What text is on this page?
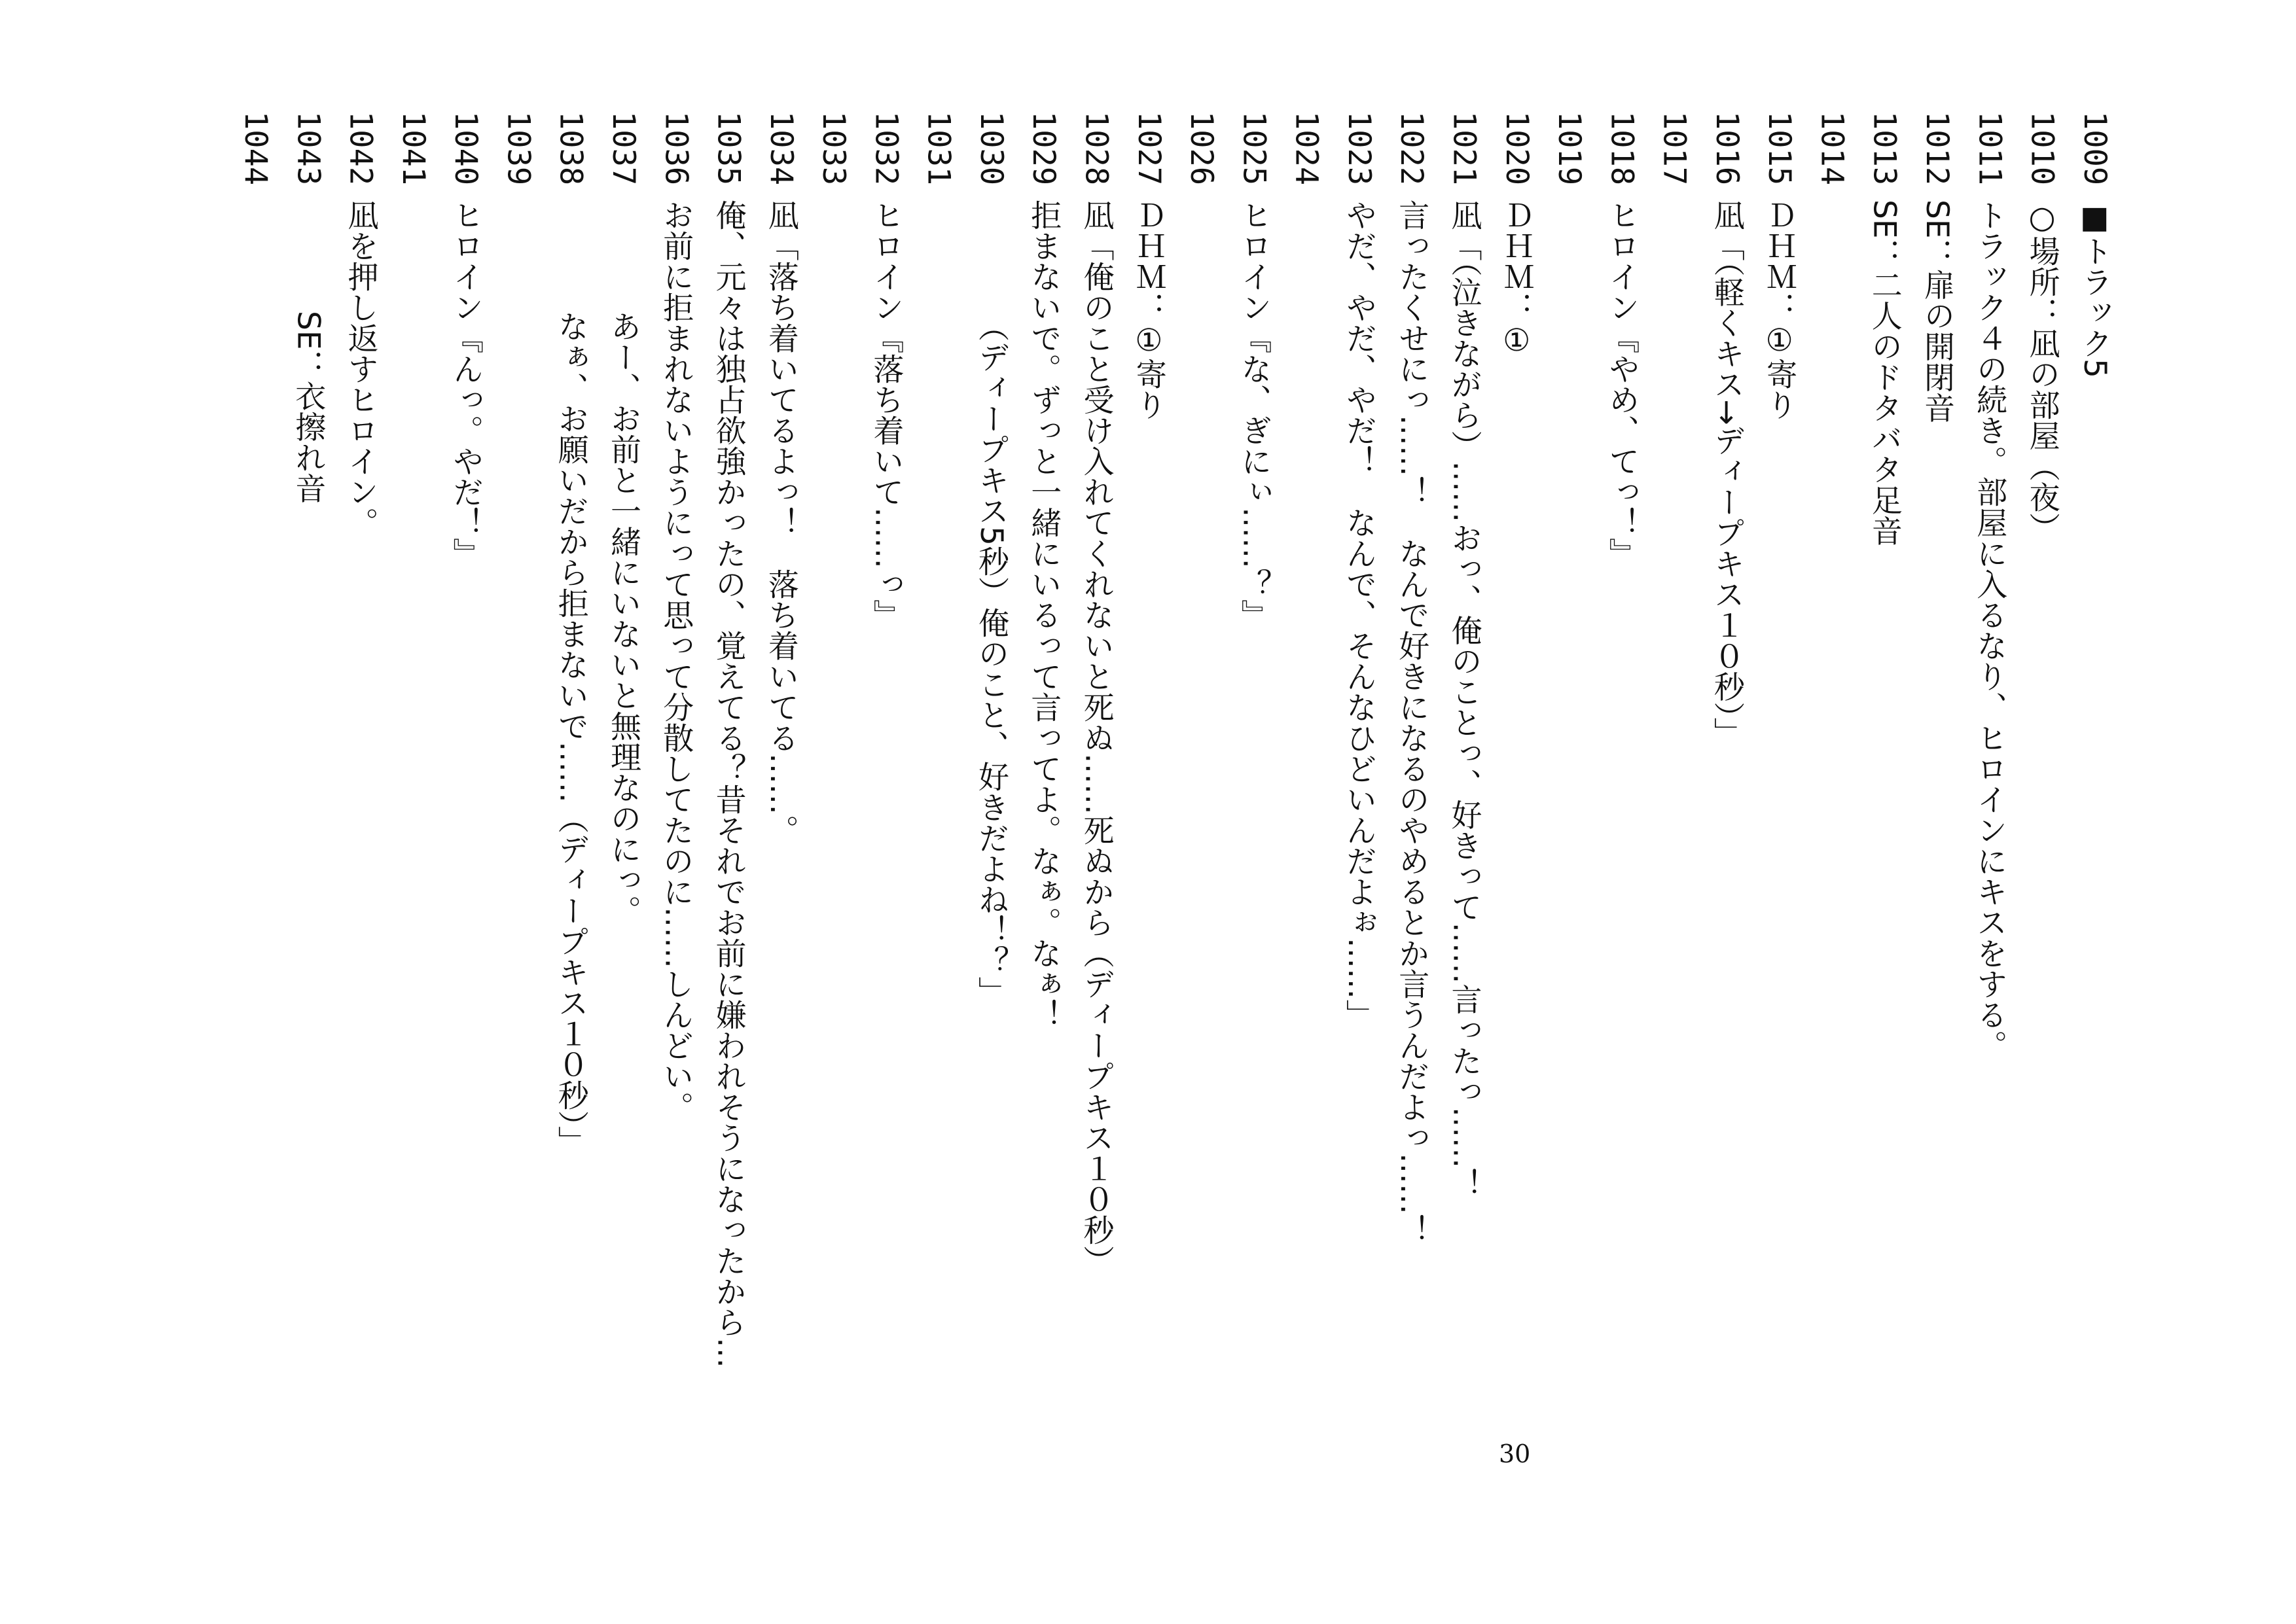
1009
■トラック5
1010
○場所：凪の部屋（夜）
1011
トラック４の続き。部屋に入るなり、ヒロインにキスをする。
1012
SE：扉の開閉音
1013
SE：二人のドタバタ足音
1014
1015
ＤＨＭ：①寄り
1016
凪「（軽くキス→ディープキス１０秒）」
1017
1018
ヒロイン『やめ、てっ！』
1019
1020
ＤＨＭ：①
1021
凪「（泣きながら）……おっ、俺のことっ、好きって……言ったっ……！
1022
言ったくせにっ……！　なんで好きになるのやめるとか言うんだよっ……！
1023
やだ、やだ、やだ！　なんで、そんなひどいんだよぉ……」
1024
1025
ヒロイン『な、ぎにぃ……？』
1026
1027
ＤＨＭ：①寄り
1028
凪「俺のこと受け入れてくれないと死ぬ……死ぬから（ディープキス１０秒）
1029
拒まないで。ずっと一緒にいるって言ってよ。なぁ。なぁ！
1030
（ディープキス5秒）俺のこと、好きだよね！？」
1031
1032
ヒロイン『落ち着いて……っ』
1033
1034
凪「落ち着いてるよっ！　落ち着いてる……。
1035
俺、元々は独占欲強かったの、覚えてる？昔それでお前に嫌われそうになったから…
1036
お前に拒まれないようにって思って分散してたのに……しんどい。
1037
あー、お前と一緒にいないと無理なのにっ。
1038
なぁ、お願いだから拒まないで……（ディープキス１０秒）」
1039
1040
ヒロイン『んっ。やだ！』
1041
1042
凪を押し返すヒロイン。
1043
SE：衣擦れ音
1044
30
